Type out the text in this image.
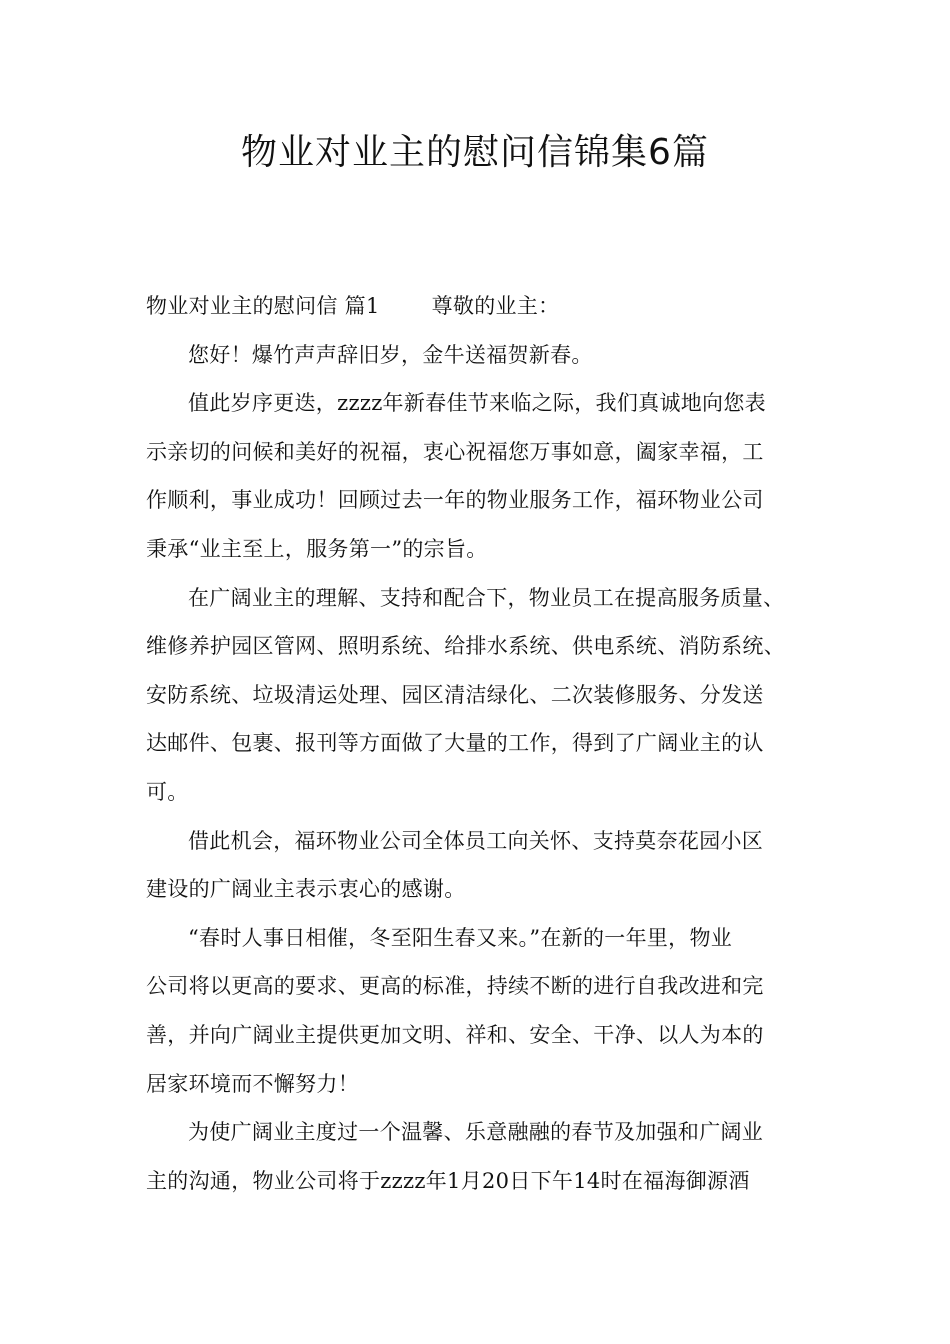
物业对业主的慰问信锦集6篇
物业对业主的慰问信 篇1 尊敬的业主：
您好！爆竹声声辞旧岁，金牛送福贺新春。
值此岁序更迭，zzzz年新春佳节来临之际，我们真诚地向您表
示亲切的问候和美好的祝福，衷心祝福您万事如意，阖家幸福，工
作顺利，事业成功！回顾过去一年的物业服务工作，福环物业公司
秉承“业主至上，服务第一”的宗旨。
在广阔业主的理解、支持和配合下，物业员工在提高服务质量、
维修养护园区管网、照明系统、给排水系统、供电系统、消防系统、
安防系统、垃圾清运处理、园区清洁绿化、二次装修服务、分发送
达邮件、包裹、报刊等方面做了大量的工作，得到了广阔业主的认
可。
借此机会，福环物业公司全体员工向关怀、支持莫奈花园小区
建设的广阔业主表示衷心的感谢。
“春时人事日相催，冬至阳生春又来。”在新的一年里，物业
公司将以更高的要求、更高的标准，持续不断的进行自我改进和完
善，并向广阔业主提供更加文明、祥和、安全、干净、以人为本的
居家环境而不懈努力！
为使广阔业主度过一个温馨、乐意融融的春节及加强和广阔业
主的沟通，物业公司将于zzzz年1月20日下午14时在福海御源酒
